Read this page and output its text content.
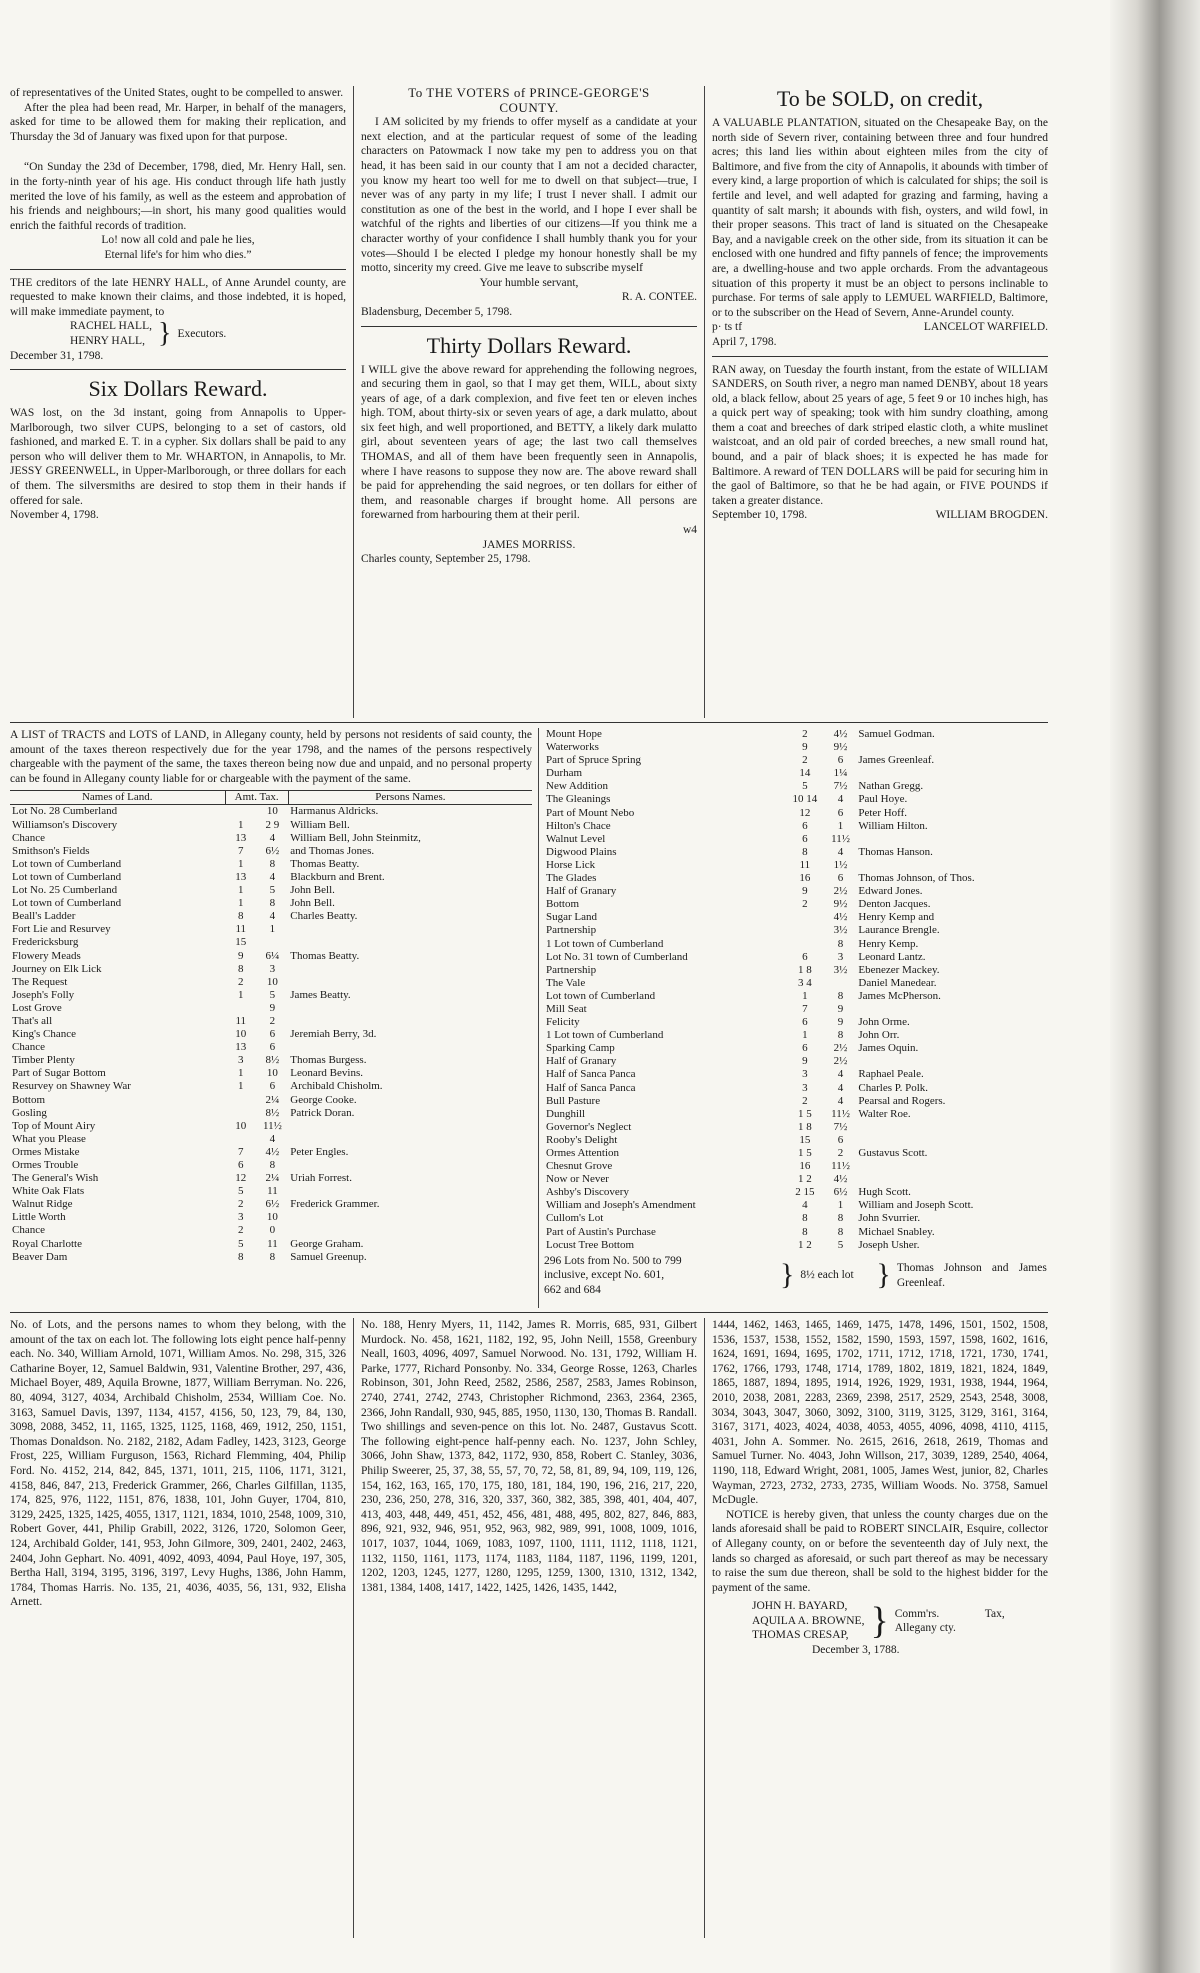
of representatives of the United States, ought to be compelled to answer.

After the plea had been read, Mr. Harper, in behalf of the managers, asked for time to be allowed them for making their replication, and Thursday the 3d of January was fixed upon for that purpose.

“On Sunday the 23d of December, 1798, died, Mr. Henry Hall, sen. in the forty-ninth year of his age. His conduct through life hath justly merited the love of his family, as well as the esteem and approbation of his friends and neighbours;—in short, his many good qualities would enrich the faithful records of tradition.

Lo! now all cold and pale he lies,

Eternal life's for him who dies.”

THE creditors of the late HENRY HALL, of Anne Arundel county, are requested to make known their claims, and those indebted, it is hoped, will make immediate payment, to

RACHEL HALL,
HENRY HALL, } Executors.

December 31, 1798.

Six Dollars Reward.

WAS lost, on the 3d instant, going from Annapolis to Upper-Marlborough, two silver CUPS, belonging to a set of castors, old fashioned, and marked E. T. in a cypher. Six dollars shall be paid to any person who will deliver them to Mr. WHARTON, in Annapolis, to Mr. JESSY GREENWELL, in Upper-Marlborough, or three dollars for each of them. The silversmiths are desired to stop them in their hands if offered for sale.

November 4, 1798.

To THE VOTERS of PRINCE-GEORGE'S
COUNTY.

I AM solicited by my friends to offer myself as a candidate at your next election, and at the particular request of some of the leading characters on Patowmack I now take my pen to address you on that head, it has been said in our county that I am not a decided character, you know my heart too well for me to dwell on that subject—true, I never was of any party in my life; I trust I never shall. I admit our constitution as one of the best in the world, and I hope I ever shall be watchful of the rights and liberties of our citizens—If you think me a character worthy of your confidence I shall humbly thank you for your votes—Should I be elected I pledge my honour honestly shall be my motto, sincerity my creed. Give me leave to subscribe myself

Your humble servant,

R. A. CONTEE.

Bladensburg, December 5, 1798.

Thirty Dollars Reward.

I WILL give the above reward for apprehending the following negroes, and securing them in gaol, so that I may get them, WILL, about sixty years of age, of a dark complexion, and five feet ten or eleven inches high. TOM, about thirty-six or seven years of age, a dark mulatto, about six feet high, and well proportioned, and BETTY, a likely dark mulatto girl, about seventeen years of age; the last two call themselves THOMAS, and all of them have been frequently seen in Annapolis, where I have reasons to suppose they now are. The above reward shall be paid for apprehending the said negroes, or ten dollars for either of them, and reasonable charges if brought home. All persons are forewarned from harbouring them at their peril.

w4

JAMES MORRISS.

Charles county, September 25, 1798.

To be SOLD, on credit,

A VALUABLE PLANTATION, situated on the Chesapeake Bay, on the north side of Severn river, containing between three and four hundred acres; this land lies within about eighteen miles from the city of Baltimore, and five from the city of Annapolis, it abounds with timber of every kind, a large proportion of which is calculated for ships; the soil is fertile and level, and well adapted for grazing and farming, having a quantity of salt marsh; it abounds with fish, oysters, and wild fowl, in their proper seasons. This tract of land is situated on the Chesapeake Bay, and a navigable creek on the other side, from its situation it can be enclosed with one hundred and fifty pannels of fence; the improvements are, a dwelling-house and two apple orchards. From the advantageous situation of this property it must be an object to persons inclinable to purchase. For terms of sale apply to LEMUEL WARFIELD, Baltimore, or to the subscriber on the Head of Severn, Anne-Arundel county.

p· ts tf	LANCELOT WARFIELD.

April 7, 1798.

RAN away, on Tuesday the fourth instant, from the estate of WILLIAM SANDERS, on South river, a negro man named DENBY, about 18 years old, a black fellow, about 25 years of age, 5 feet 9 or 10 inches high, has a quick pert way of speaking; took with him sundry cloathing, among them a coat and breeches of dark striped elastic cloth, a white muslinet waistcoat, and an old pair of corded breeches, a new small round hat, bound, and a pair of black shoes; it is expected he has made for Baltimore. A reward of TEN DOLLARS will be paid for securing him in the gaol of Baltimore, so that he be had again, or FIVE POUNDS if taken a greater distance.

September 10, 1798.	WILLIAM BROGDEN.

A LIST of TRACTS and LOTS of LAND, in Allegany county, held by persons not residents of said county, the amount of the taxes thereon respectively due for the year 1798, and the names of the persons respectively chargeable with the payment of the same, the taxes thereon being now due and unpaid, and no personal property can be found in Allegany county liable for or chargeable with the payment of the same.

Names of Land.	Amt. Tax.		Persons Names.
Lot No. 28 Cumberland		10	Harmanus Aldricks.
Williamson's Discovery	1	2 9	William Bell.
Chance	13	4	William Bell, John Steinmitz,
Smithson's Fields	7	6½	and Thomas Jones.
Lot town of Cumberland	1	8	Thomas Beatty.
Lot town of Cumberland	13	4	Blackburn and Brent.
Lot No. 25 Cumberland	1	5	John Bell.
Lot town of Cumberland	1	8	John Bell.
Beall's Ladder	8	4	Charles Beatty.
Fort Lie and Resurvey	11	1	
Fredericksburg	15		
Flowery Meads	9	6¼	Thomas Beatty.
Journey on Elk Lick	8	3	
The Request	2	10	
Joseph's Folly	1	5	James Beatty.
Lost Grove		9	
That's all	11	2	
King's Chance	10	6	Jeremiah Berry, 3d.
Chance	13	6	
Timber Plenty	3	8½	Thomas Burgess.
Part of Sugar Bottom	1	10	Leonard Bevins.
Resurvey on Shawney War	1	6	Archibald Chisholm.
Bottom		2¼	George Cooke.
Gosling		8½	Patrick Doran.
Top of Mount Airy	10	11½	
What you Please		4	
Ormes Mistake	7	4½	Peter Engles.
Ormes Trouble	6	8	
The General's Wish	12	2¼	Uriah Forrest.
White Oak Flats	5	11	
Walnut Ridge	2	6½	Frederick Grammer.
Little Worth	3	10	
Chance	2	0	
Royal Charlotte	5	11	George Graham.
Beaver Dam	8	8	Samuel Greenup.
Mount Hope	2	4½	Samuel Godman.
Waterworks	9	9½	
Part of Spruce Spring	2	6	James Greenleaf.
Durham	14	1¼	
New Addition	5	7½	Nathan Gregg.
The Gleanings	10 14	4	Paul Hoye.
Part of Mount Nebo	12	6	Peter Hoff.
Hilton's Chace	6	1	William Hilton.
Walnut Level	6	11½	
Digwood Plains	8	4	Thomas Hanson.
Horse Lick	11	1½	
The Glades	16	6	Thomas Johnson, of Thos.
Half of Granary	9	2½	Edward Jones.
Bottom	2	9½	Denton Jacques.
Sugar Land		4½	Henry Kemp and
Partnership		3½	Laurance Brengle.
1 Lot town of Cumberland		8	Henry Kemp.
Lot No. 31 town of Cumberland	6	3	Leonard Lantz.
Partnership	1 8	3½	Ebenezer Mackey.
The Vale	3 4		Daniel Manedear.
Lot town of Cumberland	1	8	James McPherson.
Mill Seat	7	9	
Felicity	6	9	John Orme.
1 Lot town of Cumberland	1	8	John Orr.
Sparking Camp	6	2½	James Oquin.
Half of Granary	9	2½	
Half of Sanca Panca	3	4	Raphael Peale.
Half of Sanca Panca	3	4	Charles P. Polk.
Bull Pasture	2	4	Pearsal and Rogers.
Dunghill	1 5	11½	Walter Roe.
Governor's Neglect	1 8	7½	
Rooby's Delight	15	6	
Ormes Attention	1 5	2	Gustavus Scott.
Chesnut Grove	16	11½	
Now or Never	1 2	4½	
Ashby's Discovery	2 15	6½	Hugh Scott.
William and Joseph's Amendment	4	1	William and Joseph Scott.
Cullom's Lot	8	8	John Svurrier.
Part of Austin's Purchase	8	8	Michael Snabley.
Locust Tree Bottom	1 2	5	Joseph Usher.
296 Lots from No. 500 to 799
inclusive, except No. 601,
662 and 684	} 8½ each lot } Thomas Johnson and James Greenleaf.

No. of Lots, and the persons names to whom they belong, with the amount of the tax on each lot. The following lots eight pence half-penny each. No. 340, William Arnold, 1071, William Amos. No. 298, 315, 326 Catharine Boyer, 12, Samuel Baldwin, 931, Valentine Brother, 297, 436, Michael Boyer, 489, Aquila Browne, 1877, William Berryman. No. 226, 80, 4094, 3127, 4034, Archibald Chisholm, 2534, William Coe. No. 3163, Samuel Davis, 1397, 1134, 4157, 4156, 50, 123, 79, 84, 130, 3098, 2088, 3452, 11, 1165, 1325, 1125, 1168, 469, 1912, 250, 1151, Thomas Donaldson. No. 2182, 2182, Adam Fadley, 1423, 3123, George Frost, 225, William Furguson, 1563, Richard Flemming, 404, Philip Ford. No. 4152, 214, 842, 845, 1371, 1011, 215, 1106, 1171, 3121, 4158, 846, 847, 213, Frederick Grammer, 266, Charles Gilfillan, 1135, 174, 825, 976, 1122, 1151, 876, 1838, 101, John Guyer, 1704, 810, 3129, 2425, 1325, 1425, 4055, 1317, 1121, 1834, 1010, 2548, 1009, 310, Robert Gover, 441, Philip Grabill, 2022, 3126, 1720, Solomon Geer, 124, Archibald Golder, 141, 953, John Gilmore, 309, 2401, 2402, 2463, 2404, John Gephart. No. 4091, 4092, 4093, 4094, Paul Hoye, 197, 305, Bertha Hall, 3194, 3195, 3196, 3197, Levy Hughs, 1386, John Hamm, 1784, Thomas Harris. No. 135, 21, 4036, 4035, 56, 131, 932, Elisha Arnett.

No. 188, Henry Myers, 11, 1142, James R. Morris, 685, 931, Gilbert Murdock. No. 458, 1621, 1182, 192, 95, John Neill, 1558, Greenbury Neall, 1603, 4096, 4097, Samuel Norwood. No. 131, 1792, William H. Parke, 1777, Richard Ponsonby. No. 334, George Rosse, 1263, Charles Robinson, 301, John Reed, 2582, 2586, 2587, 2583, James Robinson, 2740, 2741, 2742, 2743, Christopher Richmond, 2363, 2364, 2365, 2366, John Randall, 930, 945, 885, 1950, 1130, 130, Thomas B. Randall. Two shillings and seven-pence on this lot. No. 2487, Gustavus Scott. The following eight-pence half-penny each. No. 1237, John Schley, 3066, John Shaw, 1373, 842, 1172, 930, 858, Robert C. Stanley, 3036, Philip Sweerer, 25, 37, 38, 55, 57, 70, 72, 58, 81, 89, 94, 109, 119, 126, 154, 162, 163, 165, 170, 175, 180, 181, 184, 190, 196, 216, 217, 220, 230, 236, 250, 278, 316, 320, 337, 360, 382, 385, 398, 401, 404, 407, 413, 403, 448, 449, 451, 452, 456, 481, 488, 495, 802, 827, 846, 883, 896, 921, 932, 946, 951, 952, 963, 982, 989, 991, 1008, 1009, 1016, 1017, 1037, 1044, 1069, 1083, 1097, 1100, 1111, 1112, 1118, 1121, 1132, 1150, 1161, 1173, 1174, 1183, 1184, 1187, 1196, 1199, 1201, 1202, 1203, 1245, 1277, 1280, 1295, 1259, 1300, 1310, 1312, 1342, 1381, 1384, 1408, 1417, 1422, 1425, 1426, 1435, 1442,

1444, 1462, 1463, 1465, 1469, 1475, 1478, 1496, 1501, 1502, 1508, 1536, 1537, 1538, 1552, 1582, 1590, 1593, 1597, 1598, 1602, 1616, 1624, 1691, 1694, 1695, 1702, 1711, 1712, 1718, 1721, 1730, 1741, 1762, 1766, 1793, 1748, 1714, 1789, 1802, 1819, 1821, 1824, 1849, 1865, 1887, 1894, 1895, 1914, 1926, 1929, 1931, 1938, 1944, 1964, 2010, 2038, 2081, 2283, 2369, 2398, 2517, 2529, 2543, 2548, 3008, 3034, 3043, 3047, 3060, 3092, 3100, 3119, 3125, 3129, 3161, 3164, 3167, 3171, 4023, 4024, 4038, 4053, 4055, 4096, 4098, 4110, 4115, 4031, John A. Sommer. No. 2615, 2616, 2618, 2619, Thomas and Samuel Turner. No. 4043, John Willson, 217, 3039, 1289, 2540, 4064, 1190, 118, Edward Wright, 2081, 1005, James West, junior, 82, Charles Wayman, 2723, 2732, 2733, 2735, William Woods. No. 3758, Samuel McDugle.

NOTICE is hereby given, that unless the county charges due on the lands aforesaid shall be paid to ROBERT SINCLAIR, Esquire, collector of Allegany county, on or before the seventeenth day of July next, the lands so charged as aforesaid, or such part thereof as may be necessary to raise the sum due thereon, shall be sold to the highest bidder for the payment of the same.

JOHN H. BAYARD,
AQUILA A. BROWNE,
THOMAS CRESAP, } Comm'rs. Tax, Allegany cty.

December 3, 1788.
